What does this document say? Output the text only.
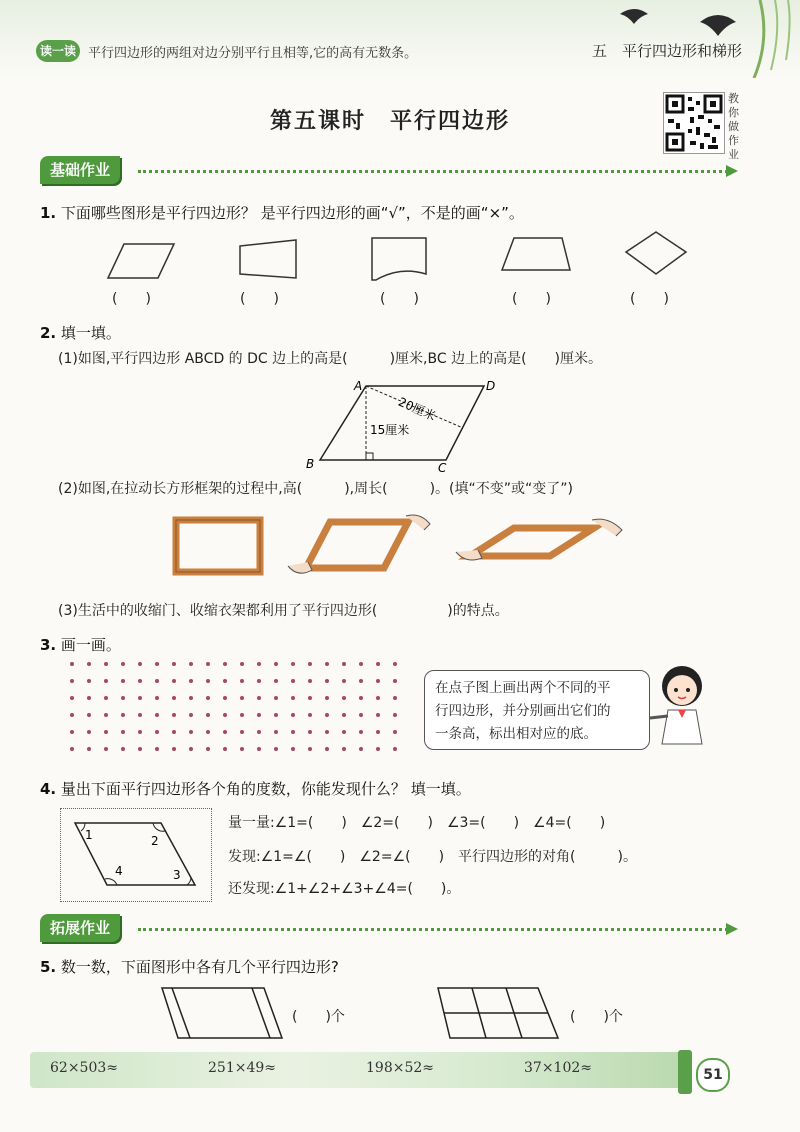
读一读 平行四边形的两组对边分别平行且相等,它的高有无数条。	五　平行四边形和梯形
第五课时　平行四边形
教你做作业
基础作业
1. 下面哪些图形是平行四边形？ 是平行四边形的画“√”，不是的画“×”。
(　　)	(　　)	(　　)	(　　)	(　　)
2. 填一填。
(1)如图,平行四边形 ABCD 的 DC 边上的高是(　　　)厘米,BC 边上的高是(　　)厘米。
A	D
B	C
20厘米
15厘米
(2)如图,在拉动长方形框架的过程中,高(　　　),周长(　　　)。(填“不变”或“变了”)
(3)生活中的收缩门、收缩衣架都利用了平行四边形(　　　　　)的特点。
3. 画一画。
在点子图上画出两个不同的平
行四边形，并分别画出它们的
一条高，标出相对应的底。
4. 量出下面平行四边形各个角的度数，你能发现什么？ 填一填。
1	2
3
4
量一量:∠1=(　　)　∠2=(　　)　∠3=(　　)　∠4=(　　)
发现:∠1=∠(　　)　∠2=∠(　　)　平行四边形的对角(　　　)。
还发现:∠1+∠2+∠3+∠4=(　　)。
拓展作业
5. 数一数，下面图形中各有几个平行四边形?
(　　)个	(　　)个
62×503≈	251×49≈	198×52≈	37×102≈	51
